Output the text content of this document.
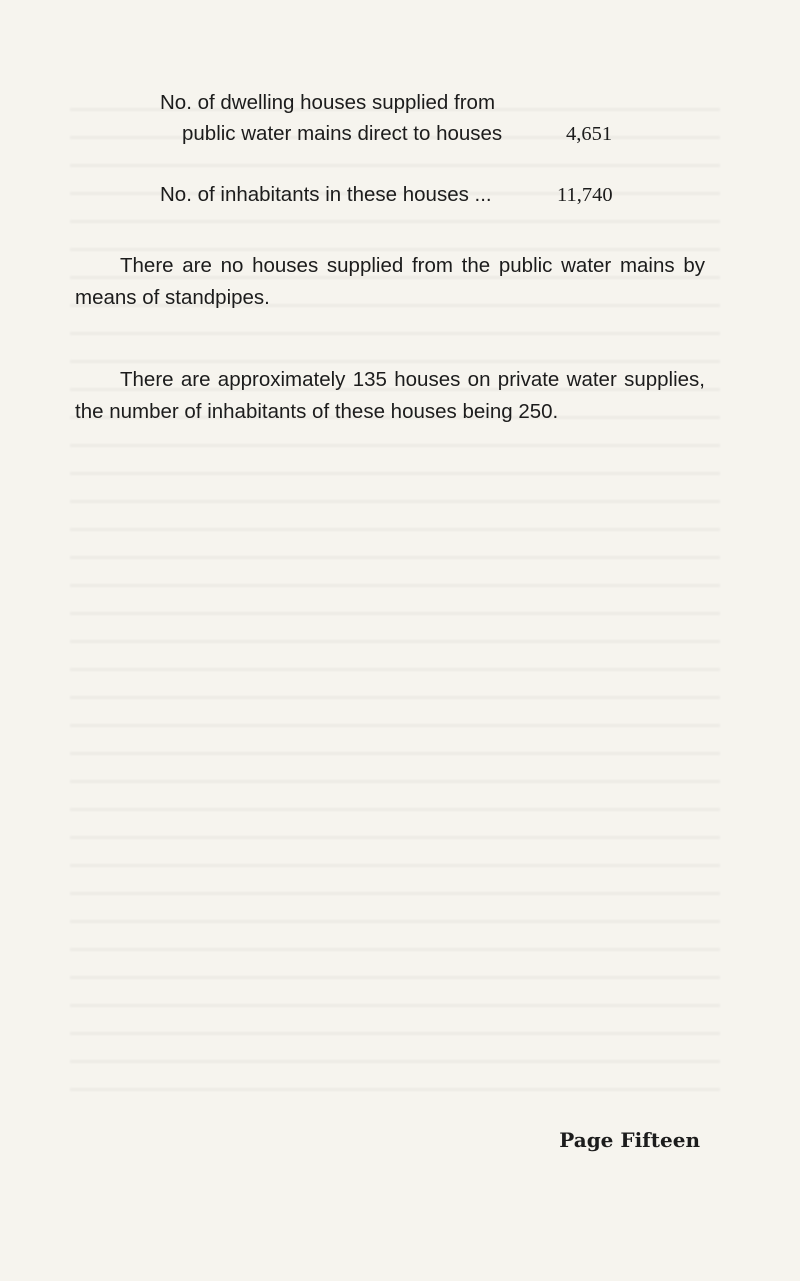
No. of dwelling houses supplied from
public water mains direct to houses	4,651
No. of inhabitants in these houses ...	11,740

There are no houses supplied from the public water mains by means of standpipes.

There are approximately 135 houses on private water supplies, the number of inhabitants of these houses being 250.

Page Fifteen
